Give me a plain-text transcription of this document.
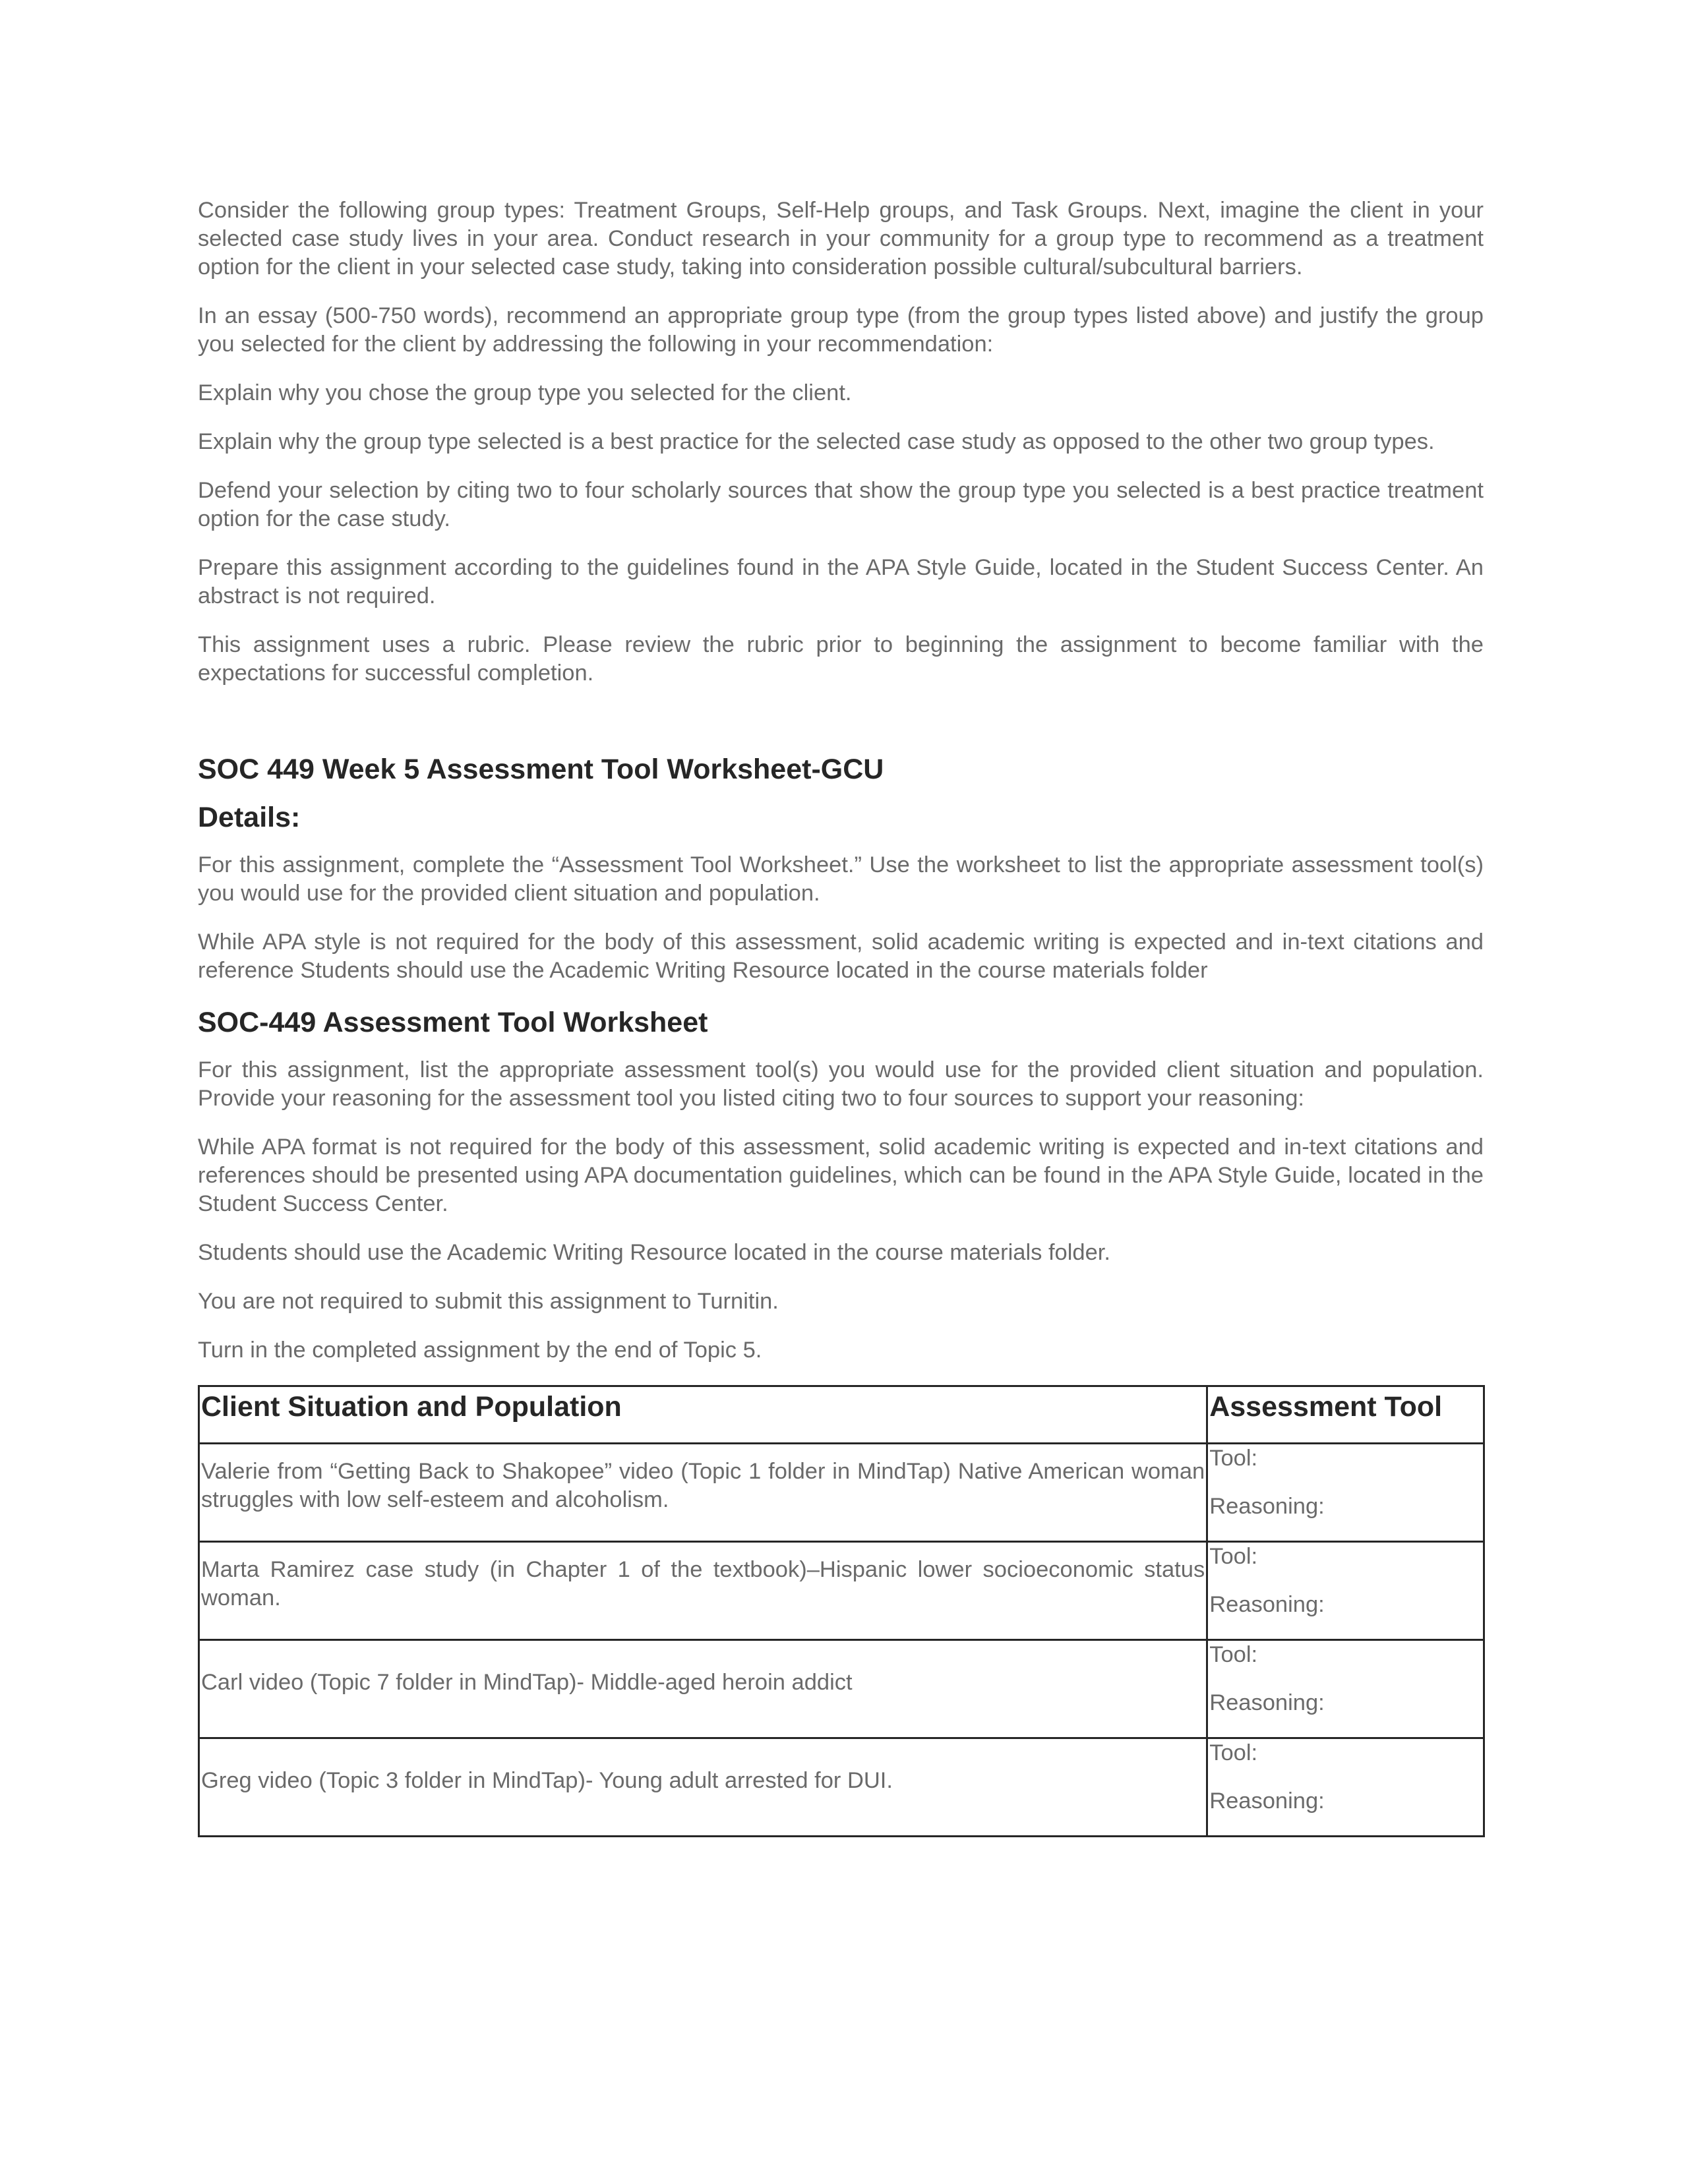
Consider the following group types: Treatment Groups, Self-Help groups, and Task Groups. Next, imagine the client in your selected case study lives in your area. Conduct research in your community for a group type to recommend as a treatment option for the client in your selected case study, taking into consideration possible cultural/subcultural barriers.

In an essay (500-750 words), recommend an appropriate group type (from the group types listed above) and justify the group you selected for the client by addressing the following in your recommendation:

Explain why you chose the group type you selected for the client.

Explain why the group type selected is a best practice for the selected case study as opposed to the other two group types.

Defend your selection by citing two to four scholarly sources that show the group type you selected is a best practice treatment option for the case study.

Prepare this assignment according to the guidelines found in the APA Style Guide, located in the Student Success Center. An abstract is not required.

This assignment uses a rubric. Please review the rubric prior to beginning the assignment to become familiar with the expectations for successful completion.

SOC 449 Week 5 Assessment Tool Worksheet-GCU
Details:

For this assignment, complete the “Assessment Tool Worksheet.” Use the worksheet to list the appropriate assessment tool(s) you would use for the provided client situation and population.

While APA style is not required for the body of this assessment, solid academic writing is expected and in-text citations and reference Students should use the Academic Writing Resource located in the course materials folder

SOC-449 Assessment Tool Worksheet

For this assignment, list the appropriate assessment tool(s) you would use for the provided client situation and population. Provide your reasoning for the assessment tool you listed citing two to four sources to support your reasoning:

While APA format is not required for the body of this assessment, solid academic writing is expected and in-text citations and references should be presented using APA documentation guidelines, which can be found in the APA Style Guide, located in the Student Success Center.

Students should use the Academic Writing Resource located in the course materials folder.

You are not required to submit this assignment to Turnitin.

Turn in the completed assignment by the end of Topic 5.

Client Situation and Population	Assessment Tool

Valerie from “Getting Back to Shakopee” video (Topic 1 folder in MindTap) Native American woman struggles with low self-esteem and alcoholism.	Tool:
Reasoning:

Marta Ramirez case study (in Chapter 1 of the textbook)–Hispanic lower socioeconomic status woman.	Tool:
Reasoning:

Carl video (Topic 7 folder in MindTap)- Middle-aged heroin addict	Tool:
Reasoning:

Greg video (Topic 3 folder in MindTap)- Young adult arrested for DUI.	Tool:
Reasoning:
